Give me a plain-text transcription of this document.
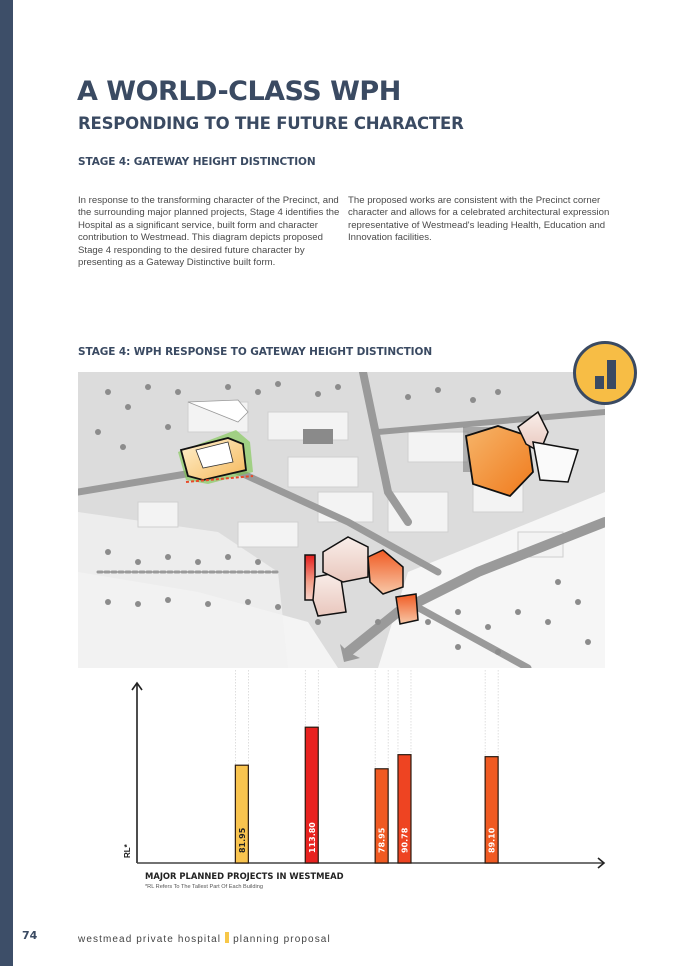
A WORLD-CLASS WPH
RESPONDING TO THE FUTURE CHARACTER
STAGE 4: GATEWAY HEIGHT DISTINCTION

In response to the transforming character of the Precinct, and the surrounding major planned projects, Stage 4 identifies the Hospital as a significant service, built form and character contribution to Westmead. This diagram depicts proposed Stage 4 responding to the desired future character by presenting as a Gateway Distinctive built form.

The proposed works are consistent with the Precinct corner character and allows for a celebrated architectural expression representative of Westmead's leading Health, Education and Innovation facilities.

STAGE 4: WPH RESPONSE TO GATEWAY HEIGHT DISTINCTION
RL*	81.95	113.80	78.95 90.78	89.10
MAJOR PLANNED PROJECTS IN WESTMEAD
*RL Refers To The Tallest Part Of Each Building
74	westmead private hospital planning proposal
